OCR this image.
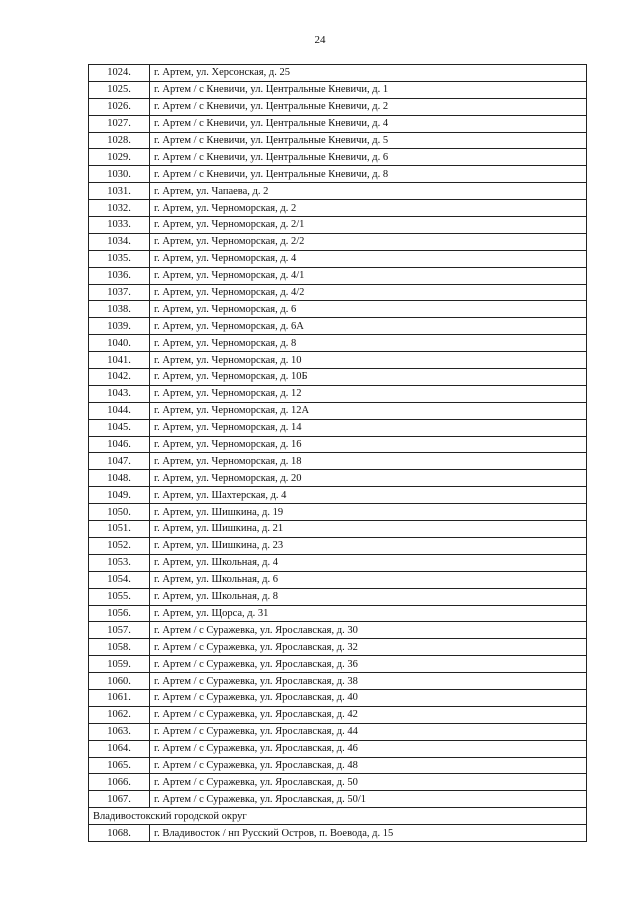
24
1024.	г. Артем, ул. Херсонская, д. 25
1025.	г. Артем / с Кневичи, ул. Центральные Кневичи, д. 1
1026.	г. Артем / с Кневичи, ул. Центральные Кневичи, д. 2
1027.	г. Артем / с Кневичи, ул. Центральные Кневичи, д. 4
1028.	г. Артем / с Кневичи, ул. Центральные Кневичи, д. 5
1029.	г. Артем / с Кневичи, ул. Центральные Кневичи, д. 6
1030.	г. Артем / с Кневичи, ул. Центральные Кневичи, д. 8
1031.	г. Артем, ул. Чапаева, д. 2
1032.	г. Артем, ул. Черноморская, д. 2
1033.	г. Артем, ул. Черноморская, д. 2/1
1034.	г. Артем, ул. Черноморская, д. 2/2
1035.	г. Артем, ул. Черноморская, д. 4
1036.	г. Артем, ул. Черноморская, д. 4/1
1037.	г. Артем, ул. Черноморская, д. 4/2
1038.	г. Артем, ул. Черноморская, д. 6
1039.	г. Артем, ул. Черноморская, д. 6А
1040.	г. Артем, ул. Черноморская, д. 8
1041.	г. Артем, ул. Черноморская, д. 10
1042.	г. Артем, ул. Черноморская, д. 10Б
1043.	г. Артем, ул. Черноморская, д. 12
1044.	г. Артем, ул. Черноморская, д. 12А
1045.	г. Артем, ул. Черноморская, д. 14
1046.	г. Артем, ул. Черноморская, д. 16
1047.	г. Артем, ул. Черноморская, д. 18
1048.	г. Артем, ул. Черноморская, д. 20
1049.	г. Артем, ул. Шахтерская, д. 4
1050.	г. Артем, ул. Шишкина, д. 19
1051.	г. Артем, ул. Шишкина, д. 21
1052.	г. Артем, ул. Шишкина, д. 23
1053.	г. Артем, ул. Школьная, д. 4
1054.	г. Артем, ул. Школьная, д. 6
1055.	г. Артем, ул. Школьная, д. 8
1056.	г. Артем, ул. Щорса, д. 31
1057.	г. Артем / с Суражевка, ул. Ярославская, д. 30
1058.	г. Артем / с Суражевка, ул. Ярославская, д. 32
1059.	г. Артем / с Суражевка, ул. Ярославская, д. 36
1060.	г. Артем / с Суражевка, ул. Ярославская, д. 38
1061.	г. Артем / с Суражевка, ул. Ярославская, д. 40
1062.	г. Артем / с Суражевка, ул. Ярославская, д. 42
1063.	г. Артем / с Суражевка, ул. Ярославская, д. 44
1064.	г. Артем / с Суражевка, ул. Ярославская, д. 46
1065.	г. Артем / с Суражевка, ул. Ярославская, д. 48
1066.	г. Артем / с Суражевка, ул. Ярославская, д. 50
1067.	г. Артем / с Суражевка, ул. Ярославская, д. 50/1
Владивостокский городской округ	
1068.	г. Владивосток / нп Русский Остров, п. Воевода, д. 15
